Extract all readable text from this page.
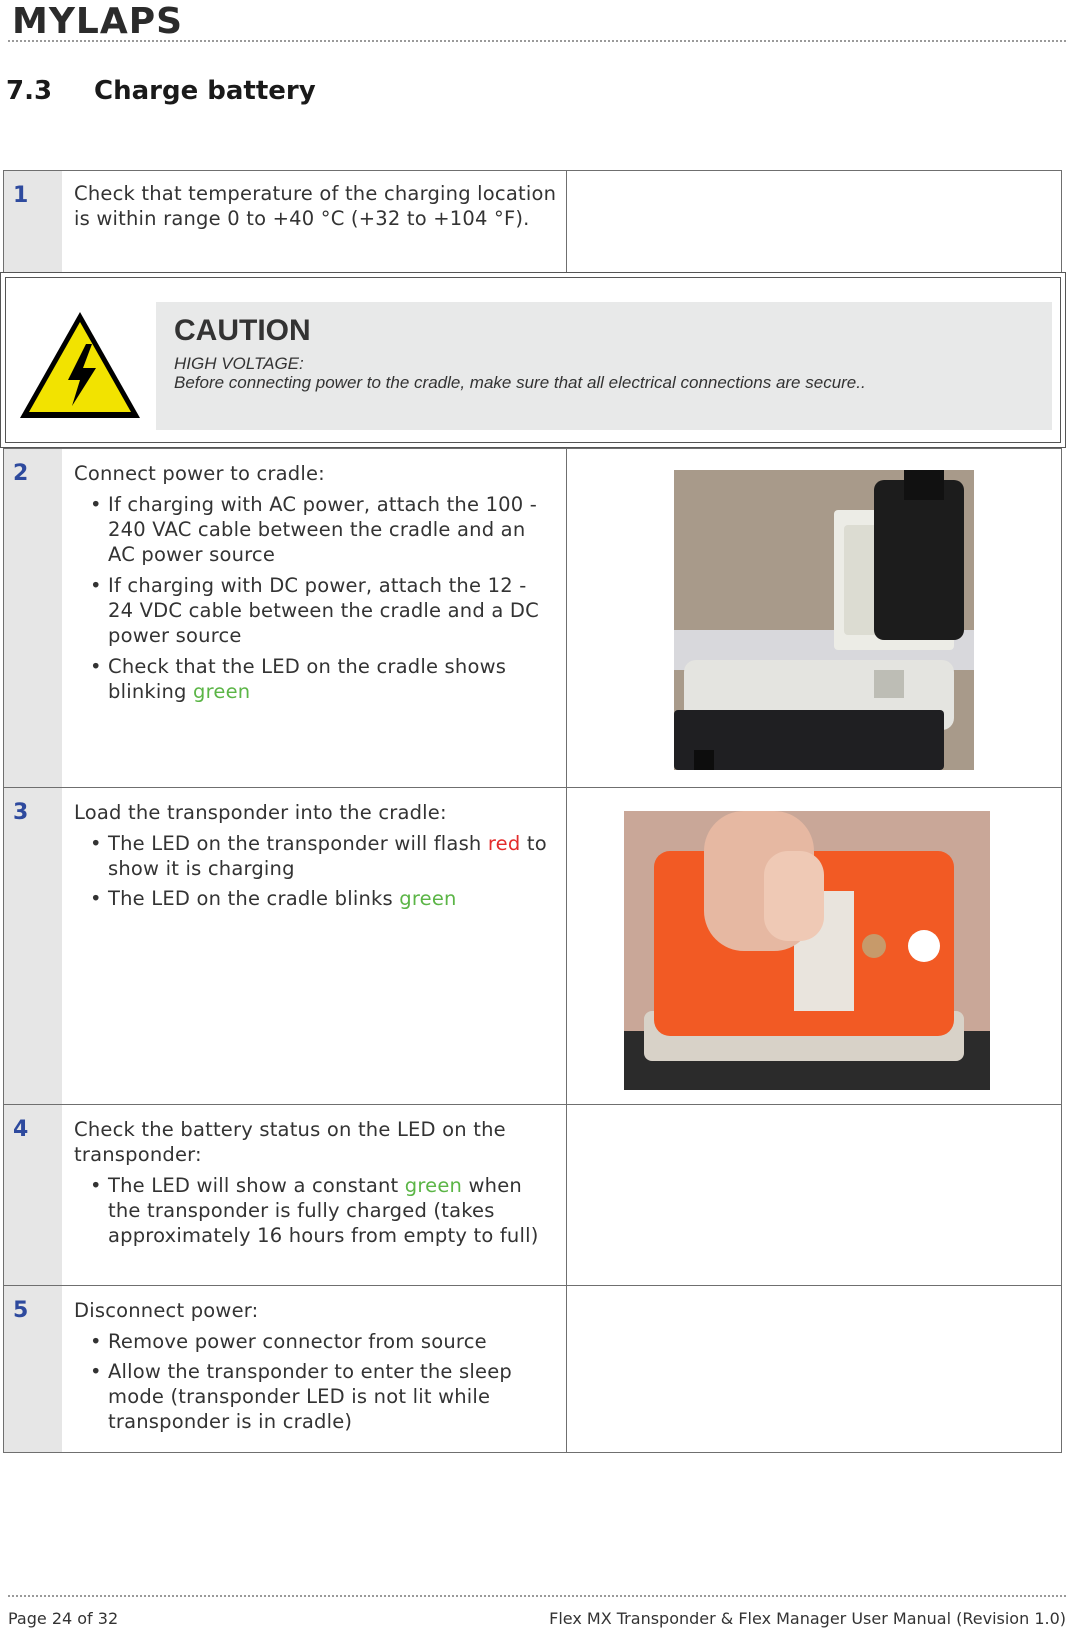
MYLAPS
7.3 Charge battery
1 Check that temperature of the charging location is within range 0 to +40 °C (+32 to +104 °F).
CAUTION
HIGH VOLTAGE:
Before connecting power to the cradle, make sure that all electrical connections are secure..
2 Connect power to cradle:
• If charging with AC power, attach the 100 - 240 VAC cable between the cradle and an AC power source
• If charging with DC power, attach the 12 - 24 VDC cable between the cradle and a DC power source
• Check that the LED on the cradle shows blinking green
3 Load the transponder into the cradle:
• The LED on the transponder will flash red to show it is charging
• The LED on the cradle blinks green
4 Check the battery status on the LED on the transponder:
• The LED will show a constant green when the transponder is fully charged (takes approximately 16 hours from empty to full)
5 Disconnect power:
• Remove power connector from source
• Allow the transponder to enter the sleep mode (transponder LED is not lit while transponder is in cradle)
Page 24 of 32	Flex MX Transponder & Flex Manager User Manual (Revision 1.0)
